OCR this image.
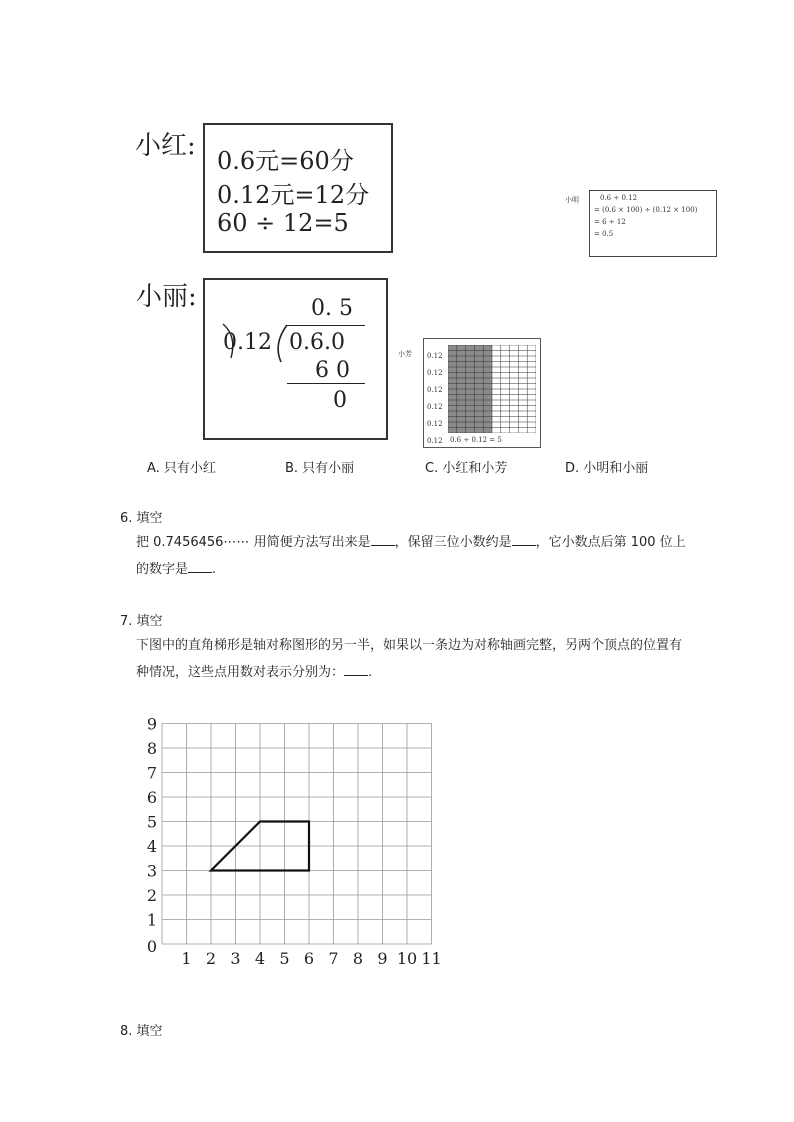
小红: 0.6元=60分
0.12元=12分
60 ÷ 12=5
小明	0.6 ÷ 0.12
= (0.6 × 100) ÷ (0.12 × 100)
= 6 ÷ 12
= 0.5
小丽:	0. 5
0.12 0.6.0
6 0
0
小芳 0.12
0.12
0.12
0.12
0.12
0.12 0.6 ÷ 0.12 = 5
A. 只有小红	B. 只有小丽	C. 小红和小芳	D. 小明和小丽
6. 填空
把 0.7456456⋯⋯ 用简便方法写出来是 ，保留三位小数约是 ，它小数点后第 100 位上
的数字是 .
7. 填空
下图中的直角梯形是轴对称图形的另一半，如果以一条边为对称轴画完整，另两个顶点的位置有
种情况，这些点用数对表示分别为： .
0
1 2 3 4 5 6 7 8 9 10 11
1
2
3
4
5
6
7
8
9
8. 填空
